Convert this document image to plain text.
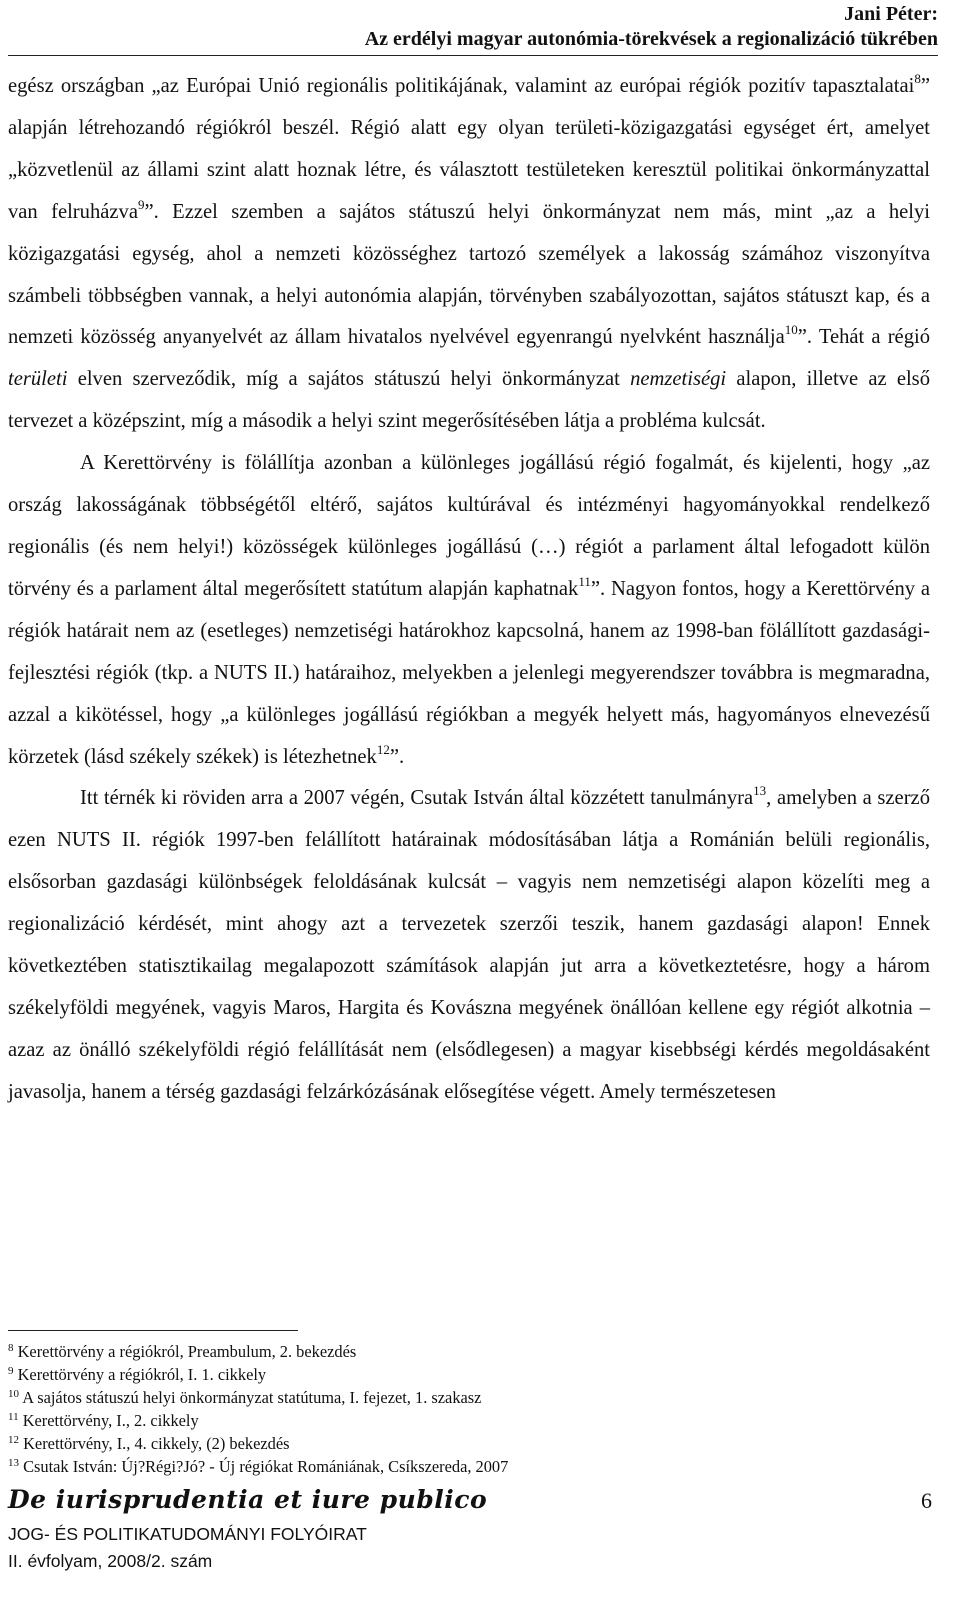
Jani Péter:
Az erdélyi magyar autonómia-törekvések a regionalizáció tükrében

egész országban „az Európai Unió regionális politikájának, valamint az európai régiók pozitív tapasztalatai$^8$” alapján létrehozandó régiókról beszél. Régió alatt egy olyan területi-közigazgatási egységet ért, amelyet „közvetlenül az állami szint alatt hoznak létre, és választott testületeken keresztül politikai önkormányzattal van felruházva$^9$”. Ezzel szemben a sajátos státuszú helyi önkormányzat nem más, mint „az a helyi közigazgatási egység, ahol a nemzeti közösséghez tartozó személyek a lakosság számához viszonyítva számbeli többségben vannak, a helyi autonómia alapján, törvényben szabályozottan, sajátos státuszt kap, és a nemzeti közösség anyanyelvét az állam hivatalos nyelvével egyenrangú nyelvként használja$^{10}$”. Tehát a régió területi elven szerveződik, míg a sajátos státuszú helyi önkormányzat nemzetiségi alapon, illetve az első tervezet a középszint, míg a második a helyi szint megerősítésében látja a probléma kulcsát.

A Kerettörvény is fölállítja azonban a különleges jogállású régió fogalmát, és kijelenti, hogy „az ország lakosságának többségétől eltérő, sajátos kultúrával és intézményi hagyományokkal rendelkező regionális (és nem helyi!) közösségek különleges jogállású (…) régiót a parlament által lefogadott külön törvény és a parlament által megerősített statútum alapján kaphatnak$^{11}$”. Nagyon fontos, hogy a Kerettörvény a régiók határait nem az (esetleges) nemzetiségi határokhoz kapcsolná, hanem az 1998-ban fölállított gazdasági-fejlesztési régiók (tkp. a NUTS II.) határaihoz, melyekben a jelenlegi megyerendszer továbbra is megmaradna, azzal a kikötéssel, hogy „a különleges jogállású régiókban a megyék helyett más, hagyományos elnevezésű körzetek (lásd székely székek) is létezhetnek$^{12}$”.

Itt térnék ki röviden arra a 2007 végén, Csutak István által közzétett tanulmányra$^{13}$, amelyben a szerző ezen NUTS II. régiók 1997-ben felállított határainak módosításában látja a Románián belüli regionális, elsősorban gazdasági különbségek feloldásának kulcsát – vagyis nem nemzetiségi alapon közelíti meg a regionalizáció kérdését, mint ahogy azt a tervezetek szerzői teszik, hanem gazdasági alapon! Ennek következtében statisztikailag megalapozott számítások alapján jut arra a következtetésre, hogy a három székelyföldi megyének, vagyis Maros, Hargita és Kovászna megyének önállóan kellene egy régiót alkotnia – azaz az önálló székelyföldi régió felállítását nem (elsődlegesen) a magyar kisebbségi kérdés megoldásaként javasolja, hanem a térség gazdasági felzárkózásának elősegítése végett. Amely természetesen

$^8$ Kerettörvény a régiókról, Preambulum, 2. bekezdés
$^9$ Kerettörvény a régiókról, I. 1. cikkely
$^{10}$ A sajátos státuszú helyi önkormányzat statútuma, I. fejezet, 1. szakasz
$^{11}$ Kerettörvény, I., 2. cikkely
$^{12}$ Kerettörvény, I., 4. cikkely, (2) bekezdés
$^{13}$ Csutak István: Új?Régi?Jó? - Új régiókat Romániának, Csíkszereda, 2007
De iurisprudentia et iure publico	6
JOG- ÉS POLITIKATUDOMÁNYI FOLYÓIRAT
II. évfolyam, 2008/2. szám
